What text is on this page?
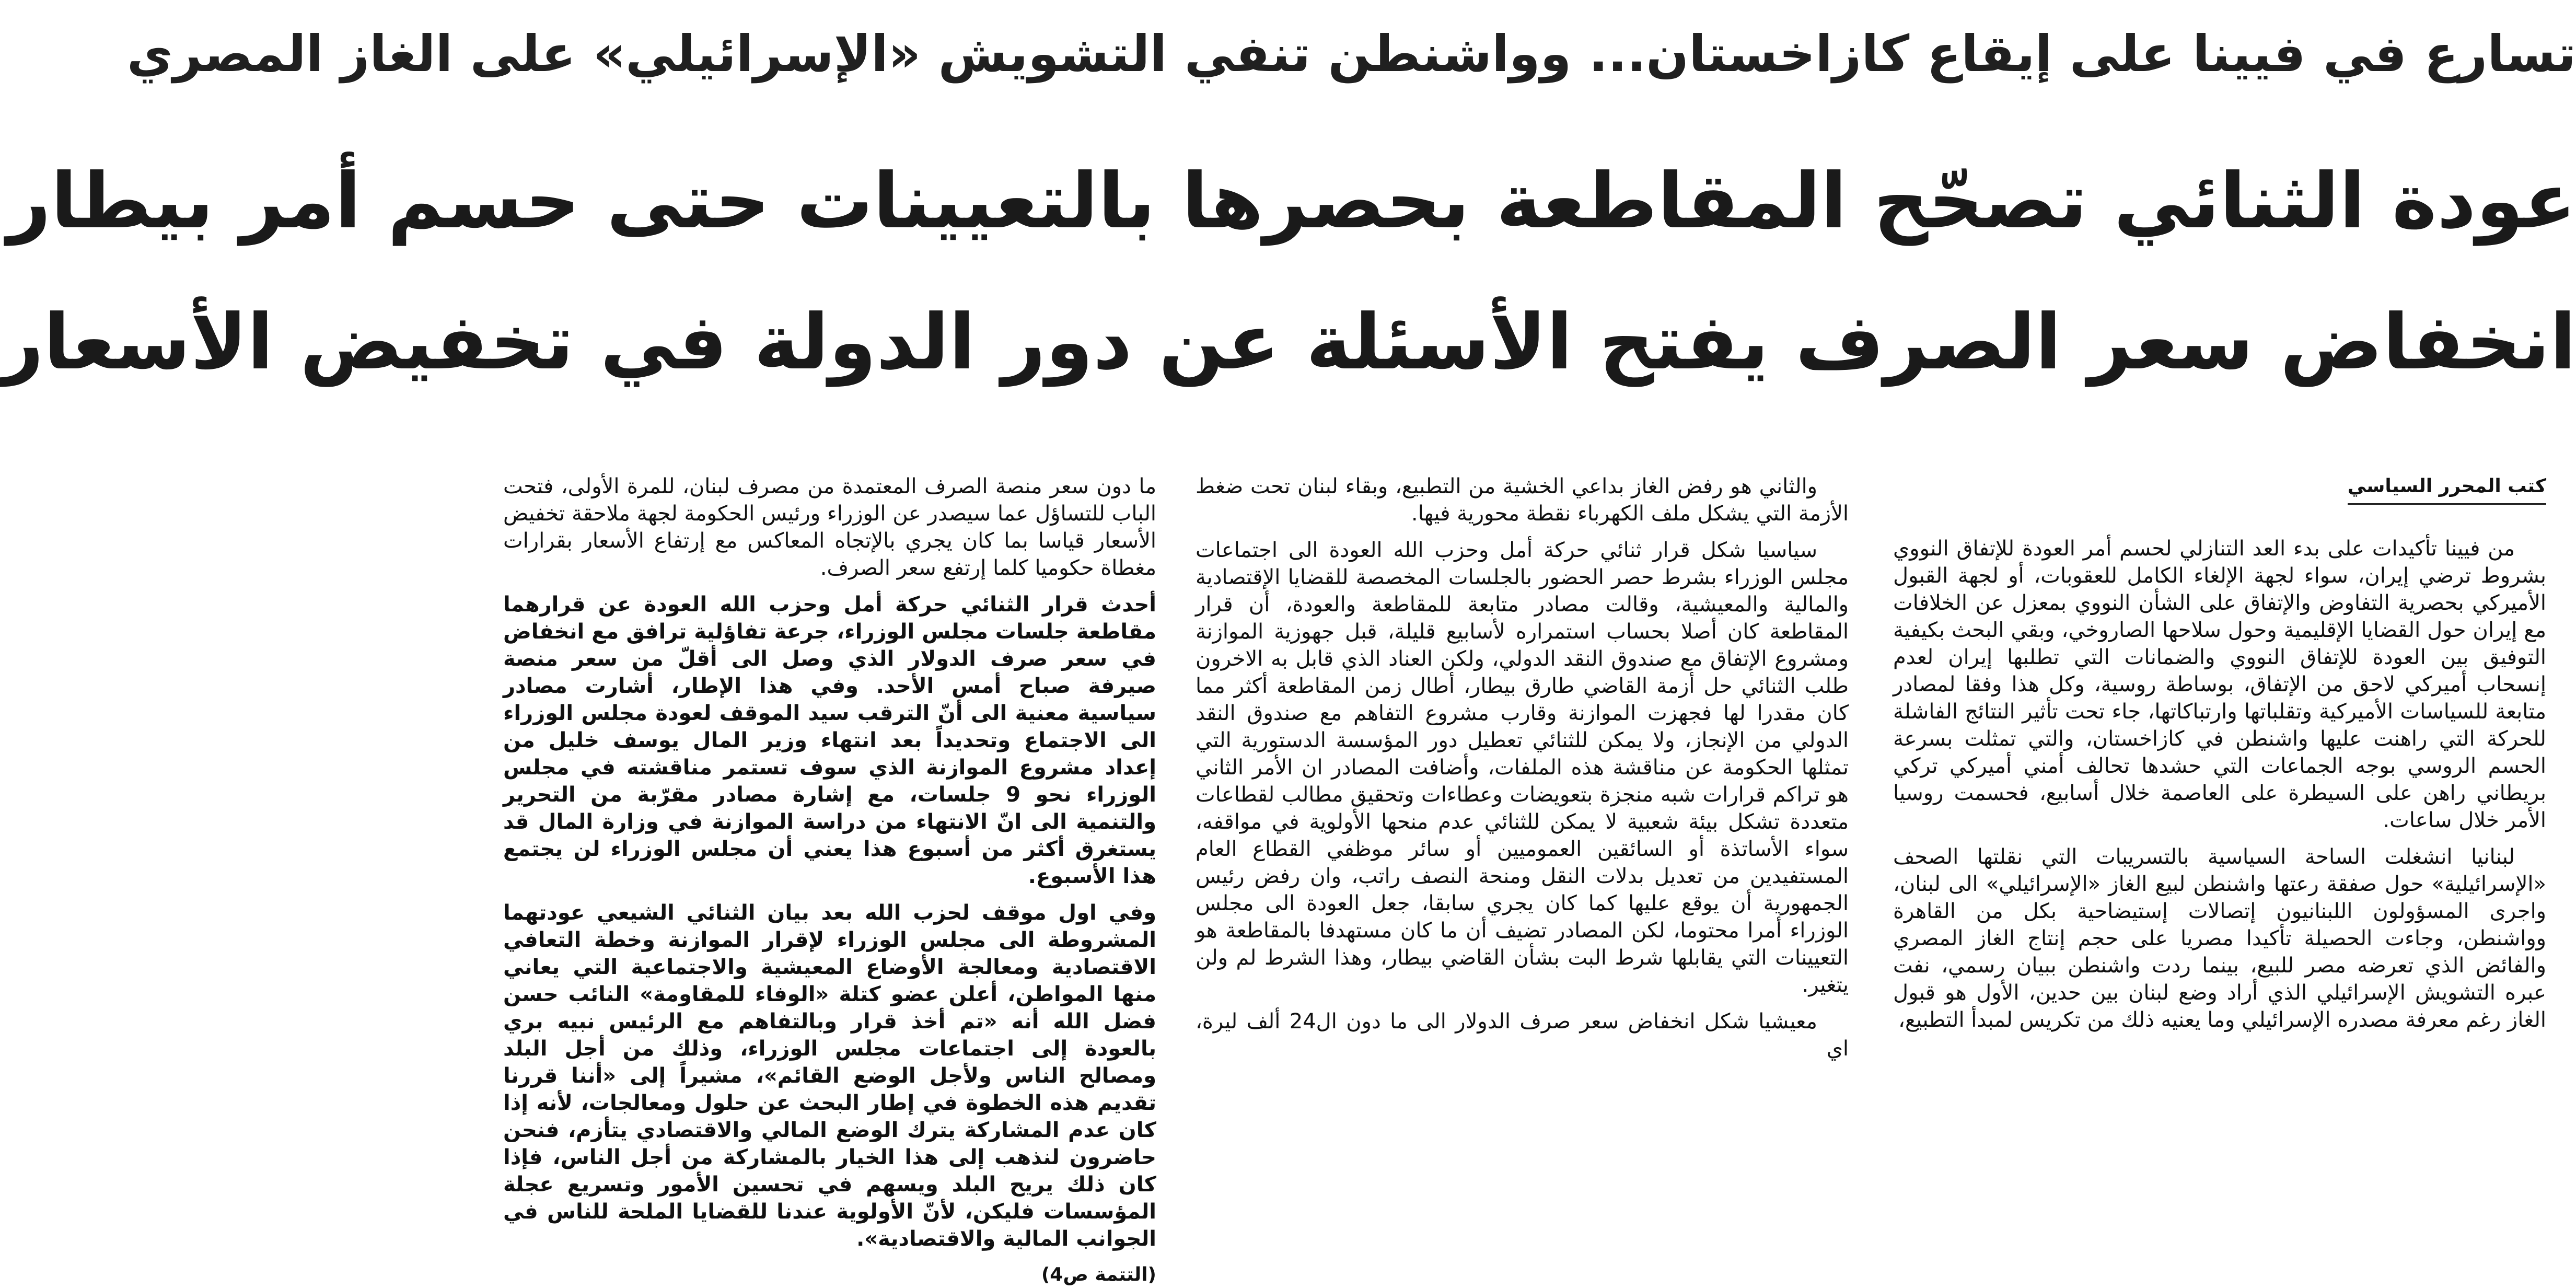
تسارع في فيينا على إيقاع كازاخستان... وواشنطن تنفي التشويش «الإسرائيلي» على الغاز المصري
عودة الثنائي تصحّح المقاطعة بحصرها بالتعيينات حتى حسم أمر بيطار
انخفاض سعر الصرف يفتح الأسئلة عن دور الدولة في تخفيض الأسعار
كتب المحرر السياسي

من فيينا تأكيدات على بدء العد التنازلي لحسم أمر العودة للإتفاق النووي بشروط ترضي إيران، سواء لجهة الإلغاء الكامل للعقوبات، أو لجهة القبول الأميركي بحصرية التفاوض والإتفاق على الشأن النووي بمعزل عن الخلافات مع إيران حول القضايا الإقليمية وحول سلاحها الصاروخي، وبقي البحث بكيفية التوفيق بين العودة للإتفاق النووي والضمانات التي تطلبها إيران لعدم إنسحاب أميركي لاحق من الإتفاق، بوساطة روسية، وكل هذا وفقا لمصادر متابعة للسياسات الأميركية وتقلباتها وارتباكاتها، جاء تحت تأثير النتائج الفاشلة للحركة التي راهنت عليها واشنطن في كازاخستان، والتي تمثلت بسرعة الحسم الروسي بوجه الجماعات التي حشدها تحالف أمني أميركي تركي بريطاني راهن على السيطرة على العاصمة خلال أسابيع، فحسمت روسيا الأمر خلال ساعات.

لبنانيا انشغلت الساحة السياسية بالتسريبات التي نقلتها الصحف «الإسرائيلية» حول صفقة رعتها واشنطن لبيع الغاز «الإسرائيلي» الى لبنان، واجرى المسؤولون اللبنانيون إتصالات إستيضاحية بكل من القاهرة وواشنطن، وجاءت الحصيلة تأكيدا مصريا على حجم إنتاج الغاز المصري والفائض الذي تعرضه مصر للبيع، بينما ردت واشنطن ببيان رسمي، نفت عبره التشويش الإسرائيلي الذي أراد وضع لبنان بين حدين، الأول هو قبول الغاز رغم معرفة مصدره الإسرائيلي وما يعنيه ذلك من تكريس لمبدأ التطبيع،

والثاني هو رفض الغاز بداعي الخشية من التطبيع، وبقاء لبنان تحت ضغط الأزمة التي يشكل ملف الكهرباء نقطة محورية فيها.

سياسيا شكل قرار ثنائي حركة أمل وحزب الله العودة الى اجتماعات مجلس الوزراء بشرط حصر الحضور بالجلسات المخصصة للقضايا الإقتصادية والمالية والمعيشية، وقالت مصادر متابعة للمقاطعة والعودة، أن قرار المقاطعة كان أصلا بحساب استمراره لأسابيع قليلة، قبل جهوزية الموازنة ومشروع الإتفاق مع صندوق النقد الدولي، ولكن العناد الذي قابل به الاخرون طلب الثنائي حل أزمة القاضي طارق بيطار، أطال زمن المقاطعة أكثر مما كان مقدرا لها فجهزت الموازنة وقارب مشروع التفاهم مع صندوق النقد الدولي من الإنجاز، ولا يمكن للثنائي تعطيل دور المؤسسة الدستورية التي تمثلها الحكومة عن مناقشة هذه الملفات، وأضافت المصادر ان الأمر الثاني هو تراكم قرارات شبه منجزة بتعويضات وعطاءات وتحقيق مطالب لقطاعات متعددة تشكل بيئة شعبية لا يمكن للثنائي عدم منحها الأولوية في مواقفه، سواء الأساتذة أو السائقين العموميين أو سائر موظفي القطاع العام المستفيدين من تعديل بدلات النقل ومنحة النصف راتب، وان رفض رئيس الجمهورية أن يوقع عليها كما كان يجري سابقا، جعل العودة الى مجلس الوزراء أمرا محتوما، لكن المصادر تضيف أن ما كان مستهدفا بالمقاطعة هو التعيينات التي يقابلها شرط البت بشأن القاضي بيطار، وهذا الشرط لم ولن يتغير.

معيشيا شكل انخفاض سعر صرف الدولار الى ما دون ال24 ألف ليرة، اي

ما دون سعر منصة الصرف المعتمدة من مصرف لبنان، للمرة الأولى، فتحت الباب للتساؤل عما سيصدر عن الوزراء ورئيس الحكومة لجهة ملاحقة تخفيض الأسعار قياسا بما كان يجري بالإتجاه المعاكس مع إرتفاع الأسعار بقرارات مغطاة حكوميا كلما إرتفع سعر الصرف.

أحدث قرار الثنائي حركة أمل وحزب الله العودة عن قرارهما مقاطعة جلسات مجلس الوزراء، جرعة تفاؤلية ترافق مع انخفاض في سعر صرف الدولار الذي وصل الى أقلّ من سعر منصة صيرفة صباح أمس الأحد. وفي هذا الإطار، أشارت مصادر سياسية معنية الى أنّ الترقب سيد الموقف لعودة مجلس الوزراء الى الاجتماع وتحديداً بعد انتهاء وزير المال يوسف خليل من إعداد مشروع الموازنة الذي سوف تستمر مناقشته في مجلس الوزراء نحو 9 جلسات، مع إشارة مصادر مقرّبة من التحرير والتنمية الى انّ الانتهاء من دراسة الموازنة في وزارة المال قد يستغرق أكثر من أسبوع هذا يعني أن مجلس الوزراء لن يجتمع هذا الأسبوع.

وفي اول موقف لحزب الله بعد بيان الثنائي الشيعي عودتهما المشروطة الى مجلس الوزراء لإقرار الموازنة وخطة التعافي الاقتصادية ومعالجة الأوضاع المعيشية والاجتماعية التي يعاني منها المواطن، أعلن عضو كتلة «الوفاء للمقاومة» النائب حسن فضل الله أنه «تم أخذ قرار وبالتفاهم مع الرئيس نبيه بري بالعودة إلى اجتماعات مجلس الوزراء، وذلك من أجل البلد ومصالح الناس ولأجل الوضع القائم»، مشيراً إلى «أننا قررنا تقديم هذه الخطوة في إطار البحث عن حلول ومعالجات، لأنه إذا كان عدم المشاركة يترك الوضع المالي والاقتصادي يتأزم، فنحن حاضرون لنذهب إلى هذا الخيار بالمشاركة من أجل الناس، فإذا كان ذلك يريح البلد ويسهم في تحسين الأمور وتسريع عجلة المؤسسات فليكن، لأنّ الأولوية عندنا للقضايا الملحة للناس في الجوانب المالية والاقتصادية».

(التتمة ص4)
